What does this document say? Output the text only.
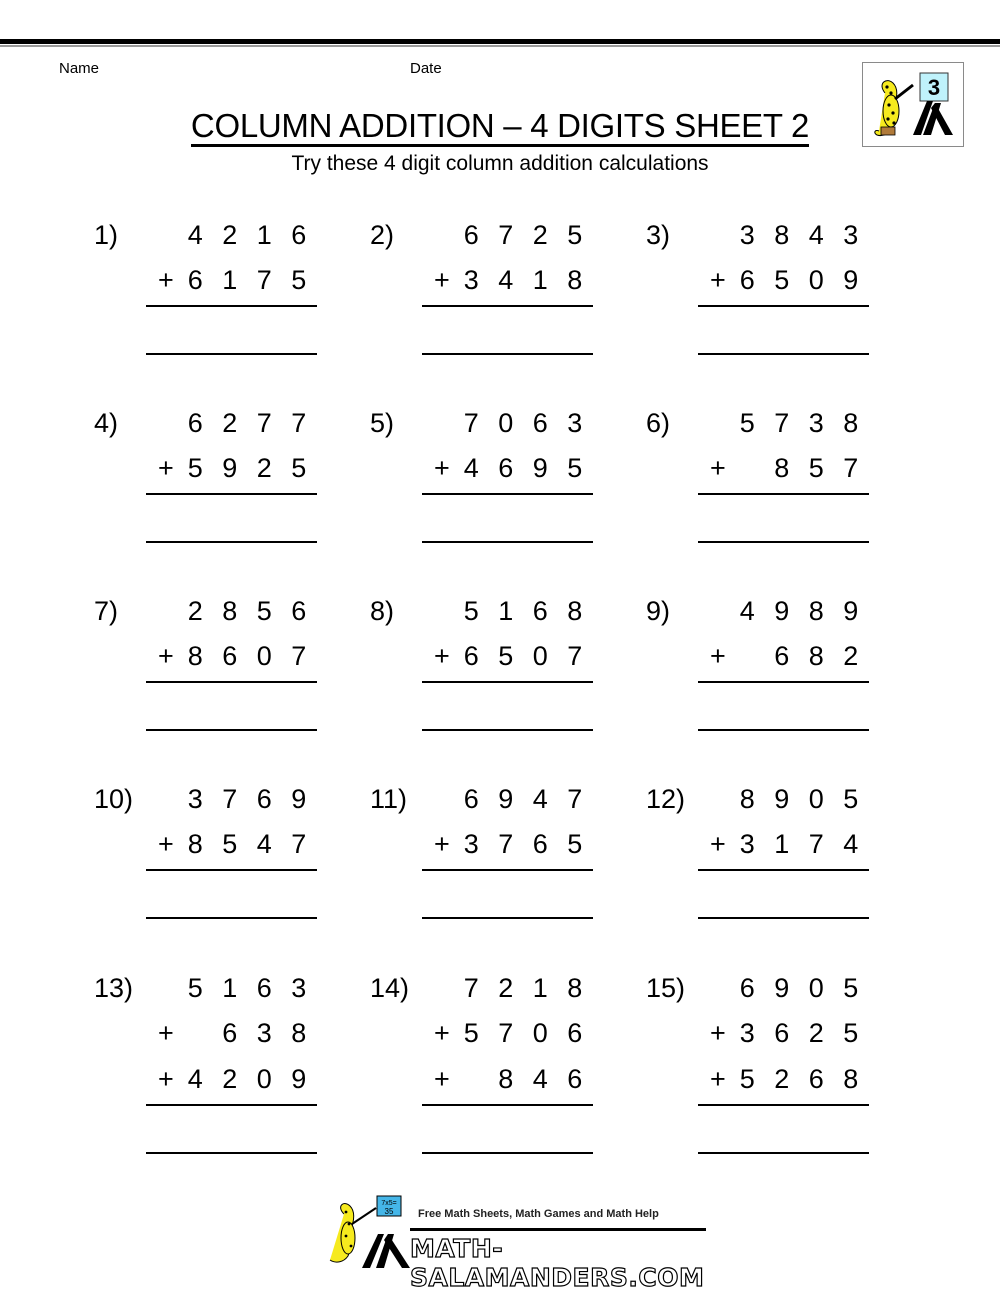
Name	Date
COLUMN ADDITION – 4 DIGITS SHEET 2
Try these 4 digit column addition calculations
3
1)	4 2 1 6
+ 6 1 7 5
2)	6 7 2 5
+ 3 4 1 8
3)	3 8 4 3
+ 6 5 0 9
4)	6 2 7 7
+ 5 9 2 5
5)	7 0 6 3
+ 4 6 9 5
6)	5 7 3 8
+	8 5 7
7)	2 8 5 6
+ 8 6 0 7
8)	5 1 6 8
+ 6 5 0 7
9)	4 9 8 9
+	6 8 2
10)	3 7 6 9
+ 8 5 4 7
11)	6 9 4 7
+ 3 7 6 5
12)	8 9 0 5
+ 3 1 7 4
13)	5 1 6 3
+	6 3 8
+ 4 2 0 9
14)	7 2 1 8
+ 5 7 0 6
+	8 4 6
15)	6 9 0 5
+ 3 6 2 5
+ 5 2 6 8
7x5=
35 Free Math Sheets, Math Games and Math Help
MATH-SALAMANDERS.COM
